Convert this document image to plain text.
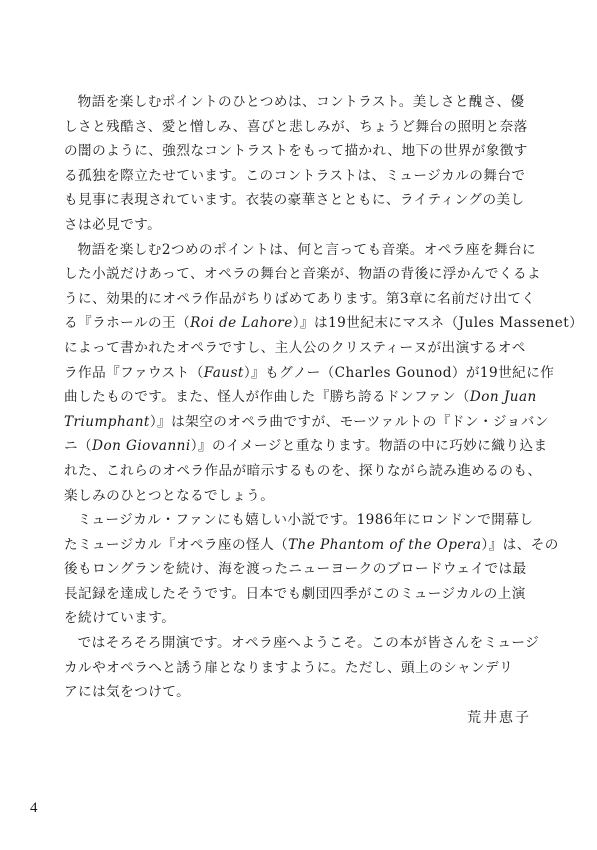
物語を楽しむポイントのひとつめは、コントラスト。美しさと醜さ、優
しさと残酷さ、愛と憎しみ、喜びと悲しみが、ちょうど舞台の照明と奈落
の闇のように、強烈なコントラストをもって描かれ、地下の世界が象徴す
る孤独を際立たせています。このコントラストは、ミュージカルの舞台で
も見事に表現されています。衣装の豪華さとともに、ライティングの美し
さは必見です。
物語を楽しむ2つめのポイントは、何と言っても音楽。オペラ座を舞台に
した小説だけあって、オペラの舞台と音楽が、物語の背後に浮かんでくるよ
うに、効果的にオペラ作品がちりばめてあります。第3章に名前だけ出てく
る『ラホールの王（Roi de Lahore）』は19世紀末にマスネ（Jules Massenet）
によって書かれたオペラですし、主人公のクリスティーヌが出演するオペ
ラ作品『ファウスト（Faust）』もグノー（Charles Gounod）が19世紀に作
曲したものです。また、怪人が作曲した『勝ち誇るドンファン（Don Juan
Triumphant）』は架空のオペラ曲ですが、モーツァルトの『ドン・ジョバン
ニ（Don Giovanni）』のイメージと重なります。物語の中に巧妙に織り込ま
れた、これらのオペラ作品が暗示するものを、探りながら読み進めるのも、
楽しみのひとつとなるでしょう。
ミュージカル・ファンにも嬉しい小説です。1986年にロンドンで開幕し
たミュージカル『オペラ座の怪人（The Phantom of the Opera）』は、その
後もロングランを続け、海を渡ったニューヨークのブロードウェイでは最
長記録を達成したそうです。日本でも劇団四季がこのミュージカルの上演
を続けています。
ではそろそろ開演です。オペラ座へようこそ。この本が皆さんをミュージ
カルやオペラへと誘う扉となりますように。ただし、頭上のシャンデリ
アには気をつけて。
荒井恵子
4
